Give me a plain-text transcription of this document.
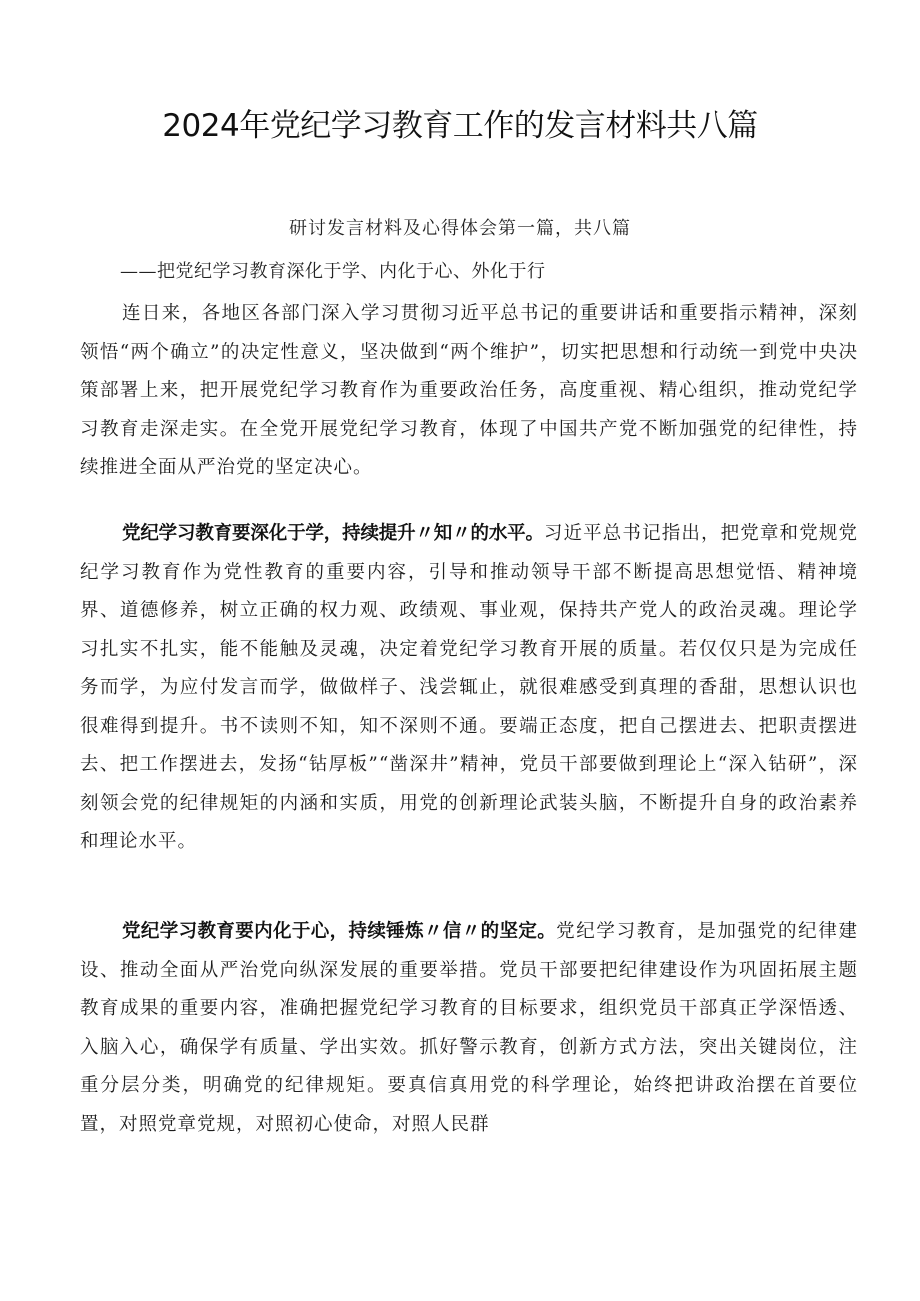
2024年党纪学习教育工作的发言材料共八篇

研讨发言材料及心得体会第一篇，共八篇

——把党纪学习教育深化于学、内化于心、外化于行

连日来，各地区各部门深入学习贯彻习近平总书记的重要讲话和重要指示精神，深刻领悟“两个确立”的决定性意义，坚决做到“两个维护”，切实把思想和行动统一到党中央决策部署上来，把开展党纪学习教育作为重要政治任务，高度重视、精心组织，推动党纪学习教育走深走实。在全党开展党纪学习教育，体现了中国共产党不断加强党的纪律性，持续推进全面从严治党的坚定决心。

党纪学习教育要深化于学，持续提升〃知〃的水平。习近平总书记指出，把党章和党规党纪学习教育作为党性教育的重要内容，引导和推动领导干部不断提高思想觉悟、精神境界、道德修养，树立正确的权力观、政绩观、事业观，保持共产党人的政治灵魂。理论学习扎实不扎实，能不能触及灵魂，决定着党纪学习教育开展的质量。若仅仅只是为完成任务而学，为应付发言而学，做做样子、浅尝辄止，就很难感受到真理的香甜，思想认识也很难得到提升。书不读则不知，知不深则不通。要端正态度，把自己摆进去、把职责摆进去、把工作摆进去，发扬“钻厚板”“凿深井”精神，党员干部要做到理论上“深入钻研”，深刻领会党的纪律规矩的内涵和实质，用党的创新理论武装头脑，不断提升自身的政治素养和理论水平。

党纪学习教育要内化于心，持续锤炼〃信〃的坚定。党纪学习教育，是加强党的纪律建设、推动全面从严治党向纵深发展的重要举措。党员干部要把纪律建设作为巩固拓展主题教育成果的重要内容，准确把握党纪学习教育的目标要求，组织党员干部真正学深悟透、入脑入心，确保学有质量、学出实效。抓好警示教育，创新方式方法，突出关键岗位，注重分层分类，明确党的纪律规矩。要真信真用党的科学理论，始终把讲政治摆在首要位置，对照党章党规，对照初心使命，对照人民群
